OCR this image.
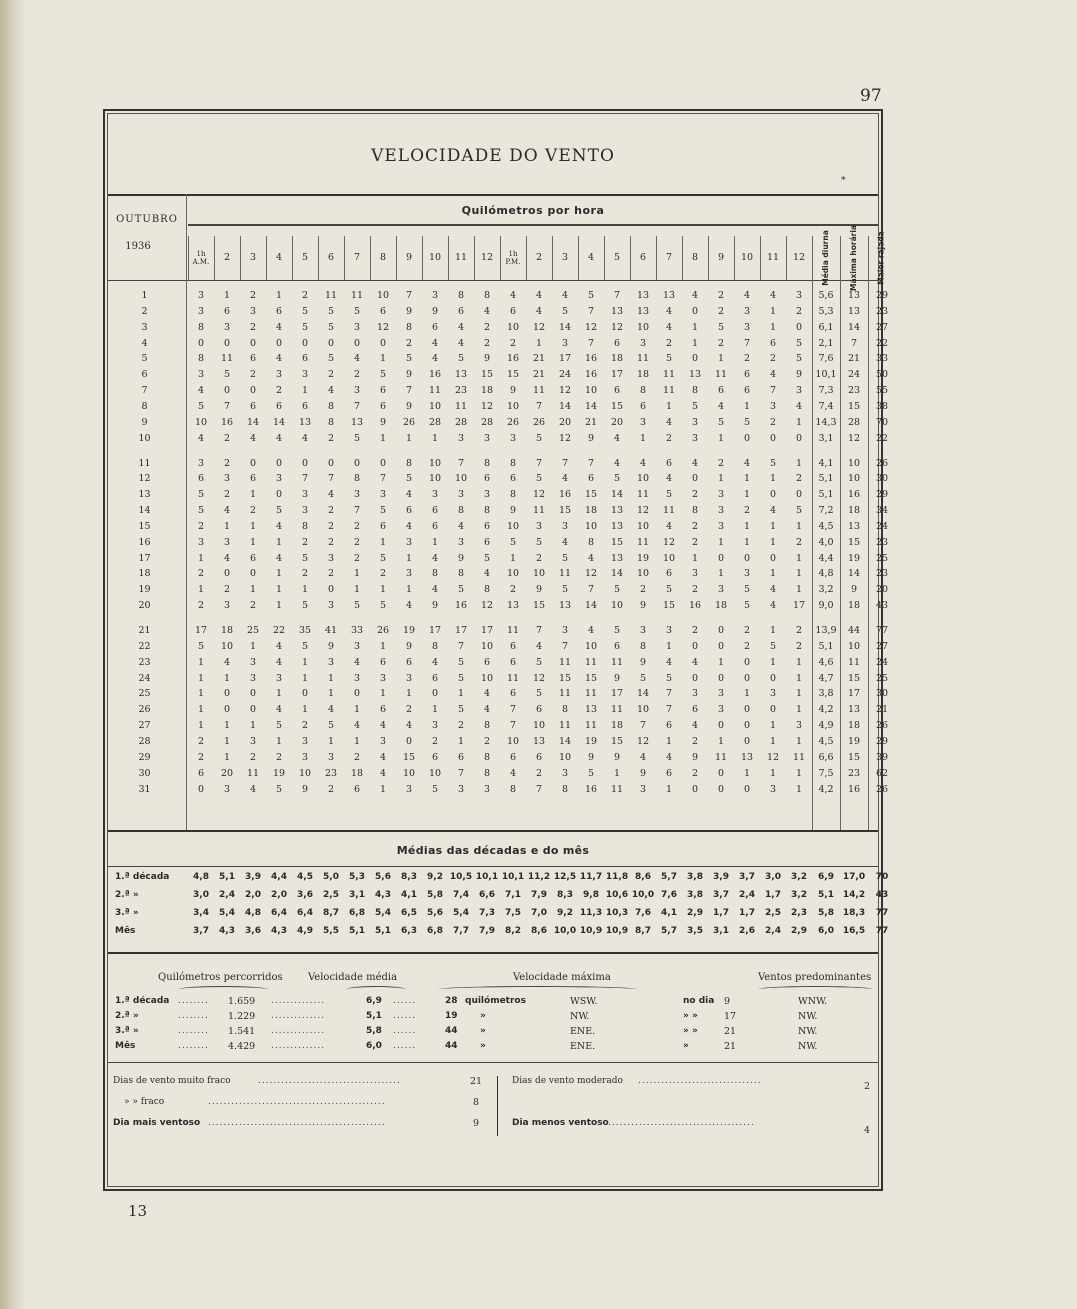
97
VELOCIDADE DO VENTO
*
OUTUBRO
1936
Quilómetros por hora
1h
A.M.	2	3	4	5	6	7	8	9	10	11	12	1h
P.M.	2	3	4	5	6	7	8	9	10	11	12	Média diurna	Máxima horária	Maior rajada
1	3	1	2	1	2	11	11	10	7	3	8	8	4	4	4	5	7	13	13	4	2	4	4	3	5,6	13	29
2	3	6	3	6	5	5	5	6	9	9	6	4	6	4	5	7	13	13	4	0	2	3	1	2	5,3	13	23
3	8	3	2	4	5	5	3	12	8	6	4	2	10	12	14	12	12	10	4	1	5	3	1	0	6,1	14	27
4	0	0	0	0	0	0	0	0	2	4	4	2	2	1	3	7	6	3	2	1	2	7	6	5	2,1	7	22
5	8	11	6	4	6	5	4	1	5	4	5	9	16	21	17	16	18	11	5	0	1	2	2	5	7,6	21	33
6	3	5	2	3	3	2	2	5	9	16	13	15	15	21	24	16	17	18	11	13	11	6	4	9	10,1	24	50
7	4	0	0	2	1	4	3	6	7	11	23	18	9	11	12	10	6	8	11	8	6	6	7	3	7,3	23	55
8	5	7	6	6	6	8	7	6	9	10	11	12	10	7	14	14	15	6	1	5	4	1	3	4	7,4	15	38
9	10	16	14	14	13	8	13	9	26	28	28	28	26	26	20	21	20	3	4	3	5	5	2	1	14,3	28	70
10	4	2	4	4	4	2	5	1	1	1	3	3	3	5	12	9	4	1	2	3	1	0	0	0	3,1	12	22
11	3	2	0	0	0	0	0	0	8	10	7	8	8	7	7	7	4	4	6	4	2	4	5	1	4,1	10	26
12	6	3	6	3	7	7	8	7	5	10	10	6	6	5	4	6	5	10	4	0	1	1	1	2	5,1	10	30
13	5	2	1	0	3	4	3	3	4	3	3	3	8	12	16	15	14	11	5	2	3	1	0	0	5,1	16	29
14	5	4	2	5	3	2	7	5	6	6	8	8	9	11	15	18	13	12	11	8	3	2	4	5	7,2	18	34
15	2	1	1	4	8	2	2	6	4	6	4	6	10	3	3	10	13	10	4	2	3	1	1	1	4,5	13	24
16	3	3	1	1	2	2	2	1	3	1	3	6	5	5	4	8	15	11	12	2	1	1	1	2	4,0	15	23
17	1	4	6	4	5	3	2	5	1	4	9	5	1	2	5	4	13	19	10	1	0	0	0	1	4,4	19	25
18	2	0	0	1	2	2	1	2	3	8	8	4	10	10	11	12	14	10	6	3	1	3	1	1	4,8	14	23
19	1	2	1	1	1	0	1	1	1	4	5	8	2	9	5	7	5	2	5	2	3	5	4	1	3,2	9	20
20	2	3	2	1	5	3	5	5	4	9	16	12	13	15	13	14	10	9	15	16	18	5	4	17	9,0	18	43
21	17	18	25	22	35	41	33	26	19	17	17	17	11	7	3	4	5	3	3	2	0	2	1	2	13,9	44	77
22	5	10	1	4	5	9	3	1	9	8	7	10	6	4	7	10	6	8	1	0	0	2	5	2	5,1	10	27
23	1	4	3	4	1	3	4	6	6	4	5	6	6	5	11	11	11	9	4	4	1	0	1	1	4,6	11	24
24	1	1	3	3	1	1	3	3	3	6	5	10	11	12	15	15	9	5	5	0	0	0	0	1	4,7	15	25
25	1	0	0	1	0	1	0	1	1	0	1	4	6	5	11	11	17	14	7	3	3	1	3	1	3,8	17	30
26	1	0	0	4	1	4	1	6	2	1	5	4	7	6	8	13	11	10	7	6	3	0	0	1	4,2	13	21
27	1	1	1	5	2	5	4	4	4	3	2	8	7	10	11	11	18	7	6	4	0	0	1	3	4,9	18	26
28	2	1	3	1	3	1	1	3	0	2	1	2	10	13	14	19	15	12	1	2	1	0	1	1	4,5	19	29
29	2	1	2	2	3	3	2	4	15	6	6	8	6	6	10	9	9	4	4	9	11	13	12	11	6,6	15	39
30	6	20	11	19	10	23	18	4	10	10	7	8	4	2	3	5	1	9	6	2	0	1	1	1	7,5	23	62
31	0	3	4	5	9	2	6	1	3	5	3	3	8	7	8	16	11	3	1	0	0	0	3	1	4,2	16	26
Médias das décadas e do mês
1.ª década	4,8	5,1	3,9	4,4	4,5	5,0	5,3	5,6	8,3	9,2 10,5 10,1 10,1 11,2 12,5 11,7 11,8 8,6	5,7	3,8	3,9	3,7	3,0	3,2	6,9 17,0	70
2.ª »	3,0	2,4	2,0	2,0	3,6	2,5	3,1	4,3	4,1	5,8	7,4	6,6	7,1	7,9	8,3	9,8 10,6 10,0 7,6	3,8	3,7	2,4	1,7	3,2	5,1 14,2	43
3.ª »	3,4	5,4	4,8	6,4	6,4	8,7	6,8	5,4	6,5	5,6	5,4	7,3	7,5	7,0	9,2 11,3 10,3 7,6	4,1	2,9	1,7	1,7	2,5	2,3	5,8 18,3	77
Mês	3,7	4,3	3,6	4,3	4,9	5,5	5,1	5,1	6,3	6,8	7,7	7,9	8,2	8,6 10,0 10,9 10,9 8,7	5,7	3,5	3,1	2,6	2,4	2,9	6,0 16,5	77
Quilómetros percorridos	Velocidade média	Velocidade máxima	Ventos predominantes
1.ª década ........ 1.659 ..............	6,9 ......	28 quilómetros	WSW.	no dia 9	WNW.
2.ª »	........ 1.229 ..............	5,1 ......	19 »	NW.	» »	17	NW.
3.ª »	........ 1.541 ..............	5,8 ......	44 »	ENE.	» »	21	NW.
Mês	........ 4.429 ..............	6,0 ......	44 »	ENE.	»	21	NW.
Dias de vento muito fraco	.....................................	21
» » fraco	..............................................	8
Dia mais ventoso ..............................................	9
Dias de vento moderado ................................	2
Dia menos ventoso ......................................
4
13
